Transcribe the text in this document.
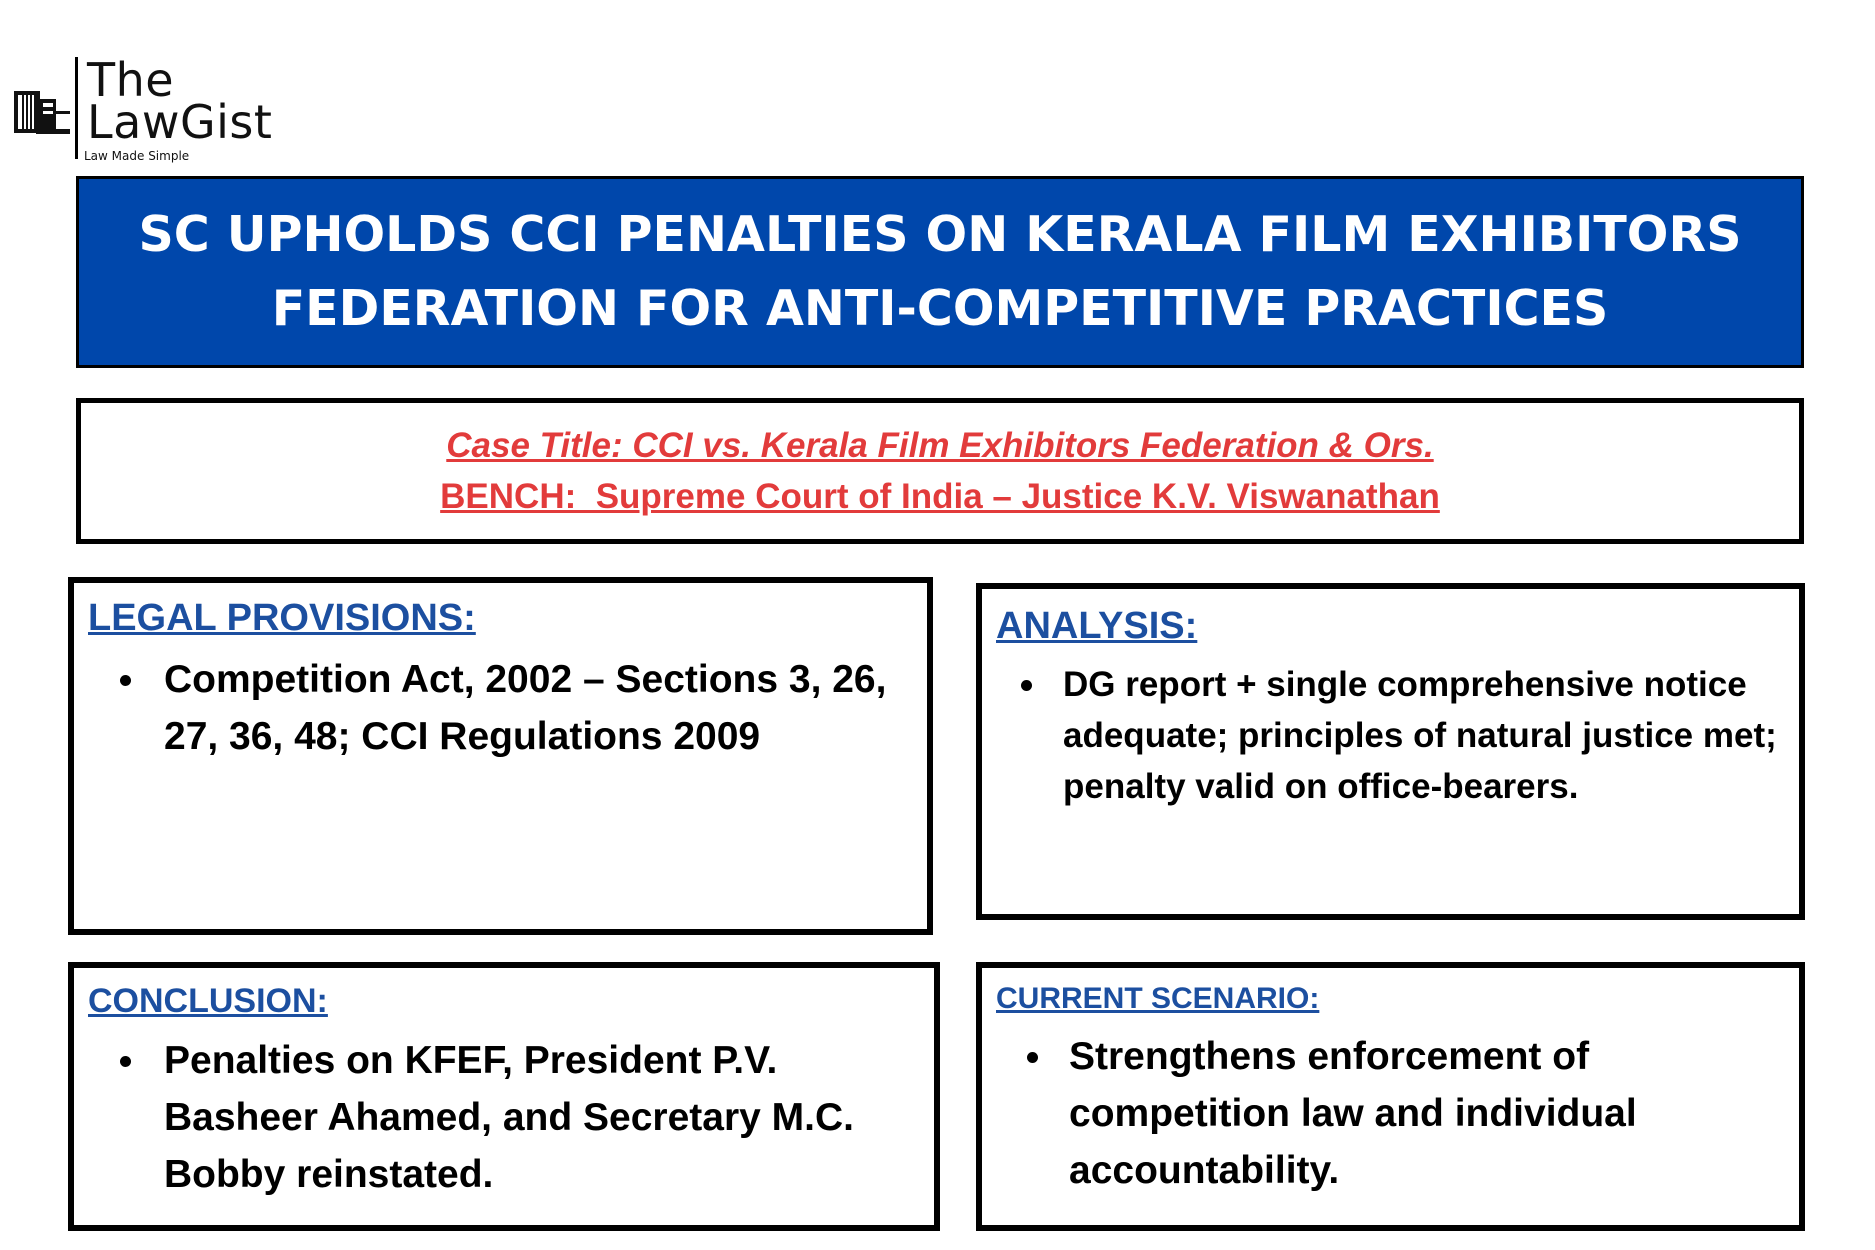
The
LawGist
Law Made Simple
SC UPHOLDS CCI PENALTIES ON KERALA FILM EXHIBITORS
FEDERATION FOR ANTI-COMPETITIVE PRACTICES
Case Title: CCI vs. Kerala Film Exhibitors Federation & Ors.
BENCH:  Supreme Court of India – Justice K.V. Viswanathan
LEGAL PROVISIONS:
Competition Act, 2002 – Sections 3, 26, 27, 36, 48; CCI Regulations 2009
ANALYSIS:
DG report + single comprehensive notice adequate; principles of natural justice met; penalty valid on office-bearers.
CONCLUSION:
Penalties on KFEF, President P.V. Basheer Ahamed, and Secretary M.C. Bobby reinstated.
CURRENT SCENARIO:
Strengthens enforcement of competition law and individual accountability.
